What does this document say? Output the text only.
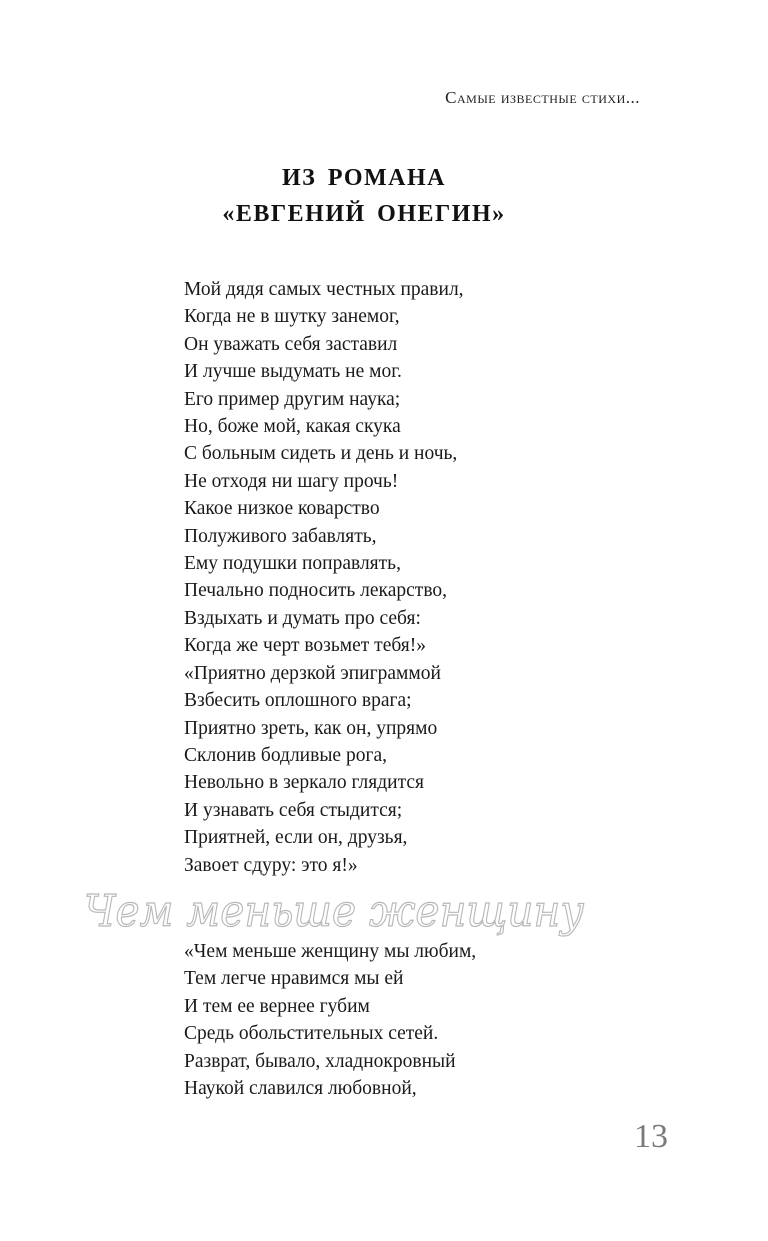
Самые известные стихи...
ИЗ РОМАНА
«ЕВГЕНИЙ ОНЕГИН»
Мой дядя самых честных правил,
Когда не в шутку занемог,
Он уважать себя заставил
И лучше выдумать не мог.
Его пример другим наука;
Но, боже мой, какая скука
С больным сидеть и день и ночь,
Не отходя ни шагу прочь!
Какое низкое коварство
Полуживого забавлять,
Ему подушки поправлять,
Печально подносить лекарство,
Вздыхать и думать про себя:
Когда же черт возьмет тебя!»
«Приятно дерзкой эпиграммой
Взбесить оплошного врага;
Приятно зреть, как он, упрямо
Склонив бодливые рога,
Невольно в зеркало глядится
И узнавать себя стыдится;
Приятней, если он, друзья,
Завоет сдуру: это я!»
Чем меньше женщину
«Чем меньше женщину мы любим,
Тем легче нравимся мы ей
И тем ее вернее губим
Средь обольстительных сетей.
Разврат, бывало, хладнокровный
Наукой славился любовной,
13
